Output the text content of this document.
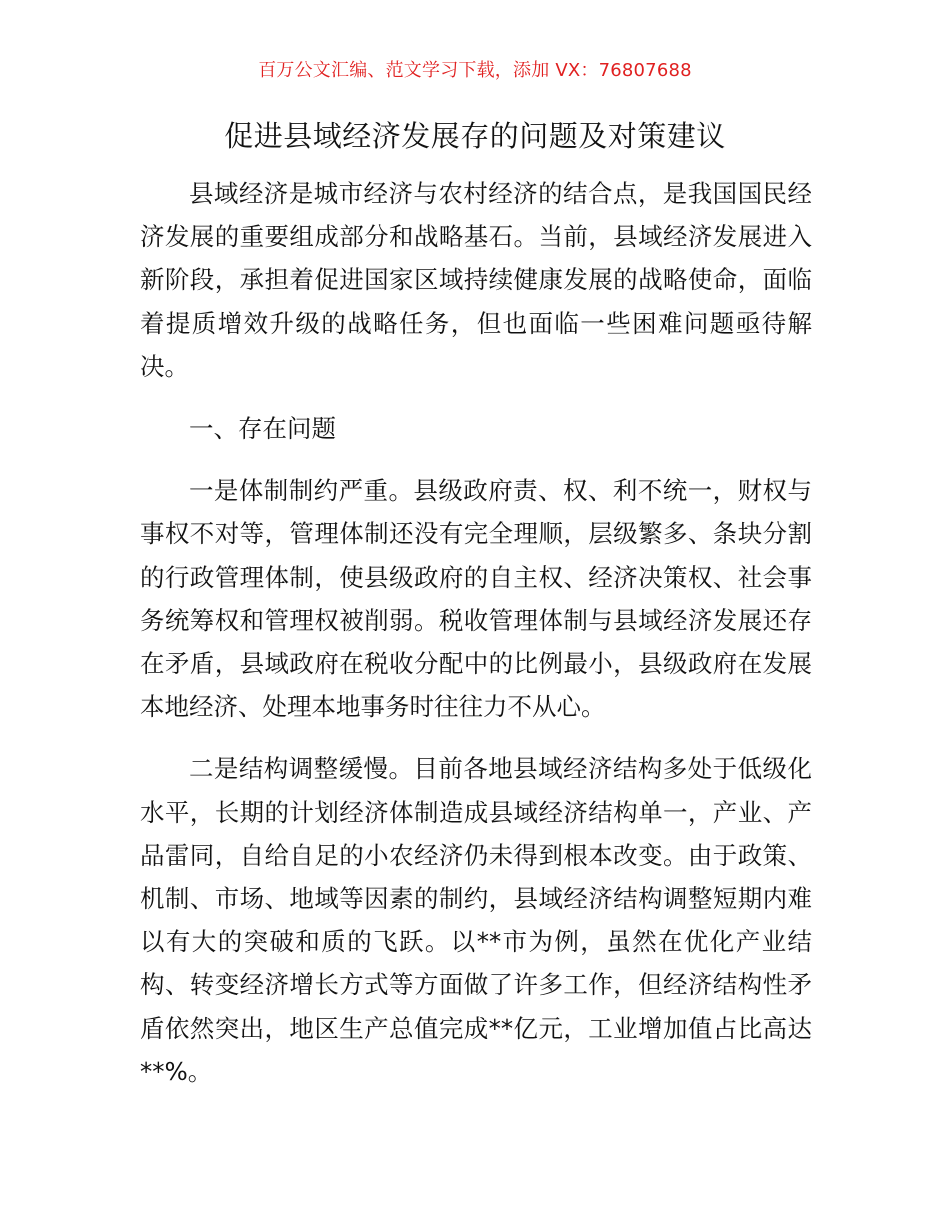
百万公文汇编、范文学习下载，添加 VX：76807688
促进县域经济发展存的问题及对策建议

县域经济是城市经济与农村经济的结合点，是我国国民经济发展的重要组成部分和战略基石。当前，县域经济发展进入新阶段，承担着促进国家区域持续健康发展的战略使命，面临着提质增效升级的战略任务，但也面临一些困难问题亟待解决。

一、存在问题

一是体制制约严重。县级政府责、权、利不统一，财权与事权不对等，管理体制还没有完全理顺，层级繁多、条块分割的行政管理体制，使县级政府的自主权、经济决策权、社会事务统筹权和管理权被削弱。税收管理体制与县域经济发展还存在矛盾，县域政府在税收分配中的比例最小，县级政府在发展本地经济、处理本地事务时往往力不从心。

二是结构调整缓慢。目前各地县域经济结构多处于低级化水平，长期的计划经济体制造成县域经济结构单一，产业、产品雷同，自给自足的小农经济仍未得到根本改变。由于政策、机制、市场、地域等因素的制约，县域经济结构调整短期内难以有大的突破和质的飞跃。以**市为例，虽然在优化产业结构、转变经济增长方式等方面做了许多工作，但经济结构性矛盾依然突出，地区生产总值完成**亿元，工业增加值占比高达**%。
